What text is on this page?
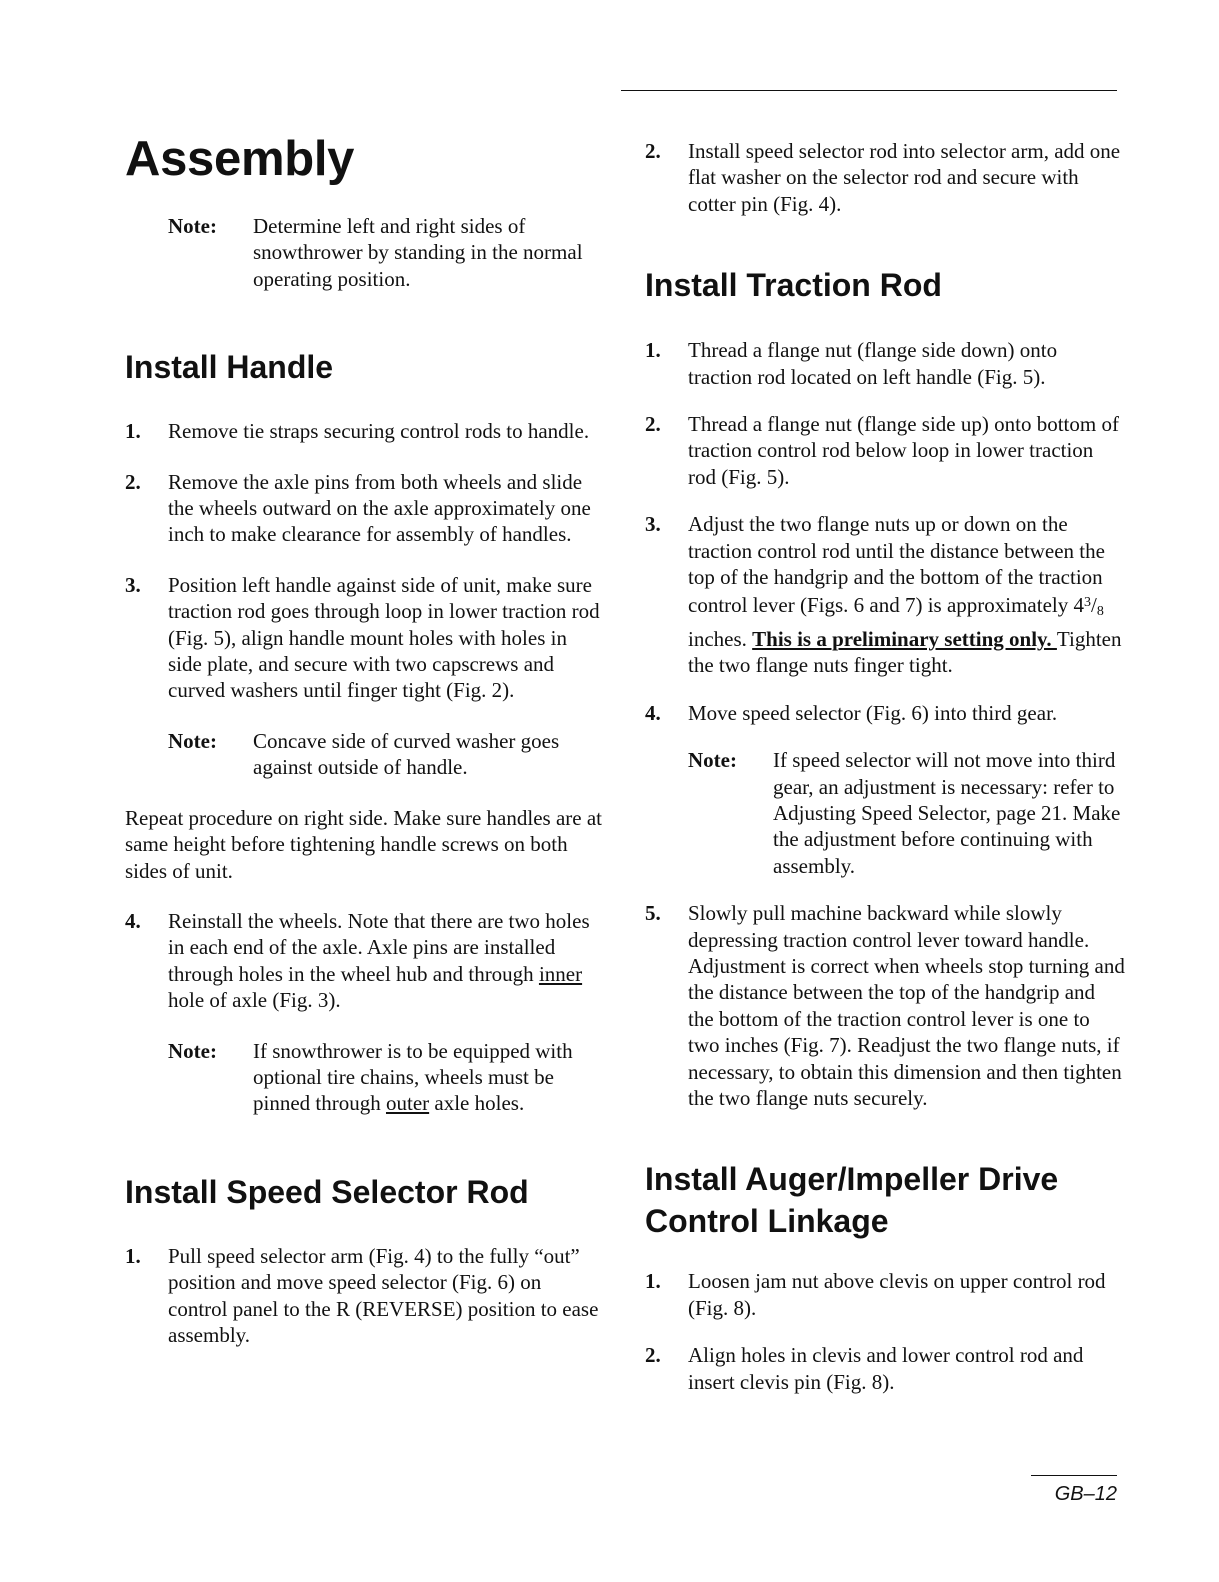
Assembly
Note:	Determine left and right sides of snowthrower by standing in the normal operating position.
Install Handle
1.	Remove tie straps securing control rods to handle.
2.	Remove the axle pins from both wheels and slide the wheels outward on the axle approximately one inch to make clearance for assembly of handles.
3.	Position left handle against side of unit, make sure traction rod goes through loop in lower traction rod (Fig. 5), align handle mount holes with holes in side plate, and secure with two capscrews and curved washers until finger tight (Fig. 2).
Note:	Concave side of curved washer goes against outside of handle.

Repeat procedure on right side. Make sure handles are at same height before tightening handle screws on both sides of unit.

4.	Reinstall the wheels. Note that there are two holes in each end of the axle. Axle pins are installed through holes in the wheel hub and through inner hole of axle (Fig. 3).
Note:	If snowthrower is to be equipped with optional tire chains, wheels must be pinned through outer axle holes.
Install Speed Selector Rod
1.	Pull speed selector arm (Fig. 4) to the fully “out” position and move speed selector (Fig. 6) on control panel to the R (REVERSE) position to ease assembly.
2.	Install speed selector rod into selector arm, add one flat washer on the selector rod and secure with cotter pin (Fig. 4).
Install Traction Rod
1.	Thread a flange nut (flange side down) onto traction rod located on left handle (Fig. 5).
2.	Thread a flange nut (flange side up) onto bottom of traction control rod below loop in lower traction rod (Fig. 5).
3.	Adjust the two flange nuts up or down on the traction control rod until the distance between the top of the handgrip and the bottom of the traction control lever (Figs. 6 and 7) is approximately $4^3/8$ inches. This is a preliminary setting only. Tighten the two flange nuts finger tight.
4.	Move speed selector (Fig. 6) into third gear.
Note:	If speed selector will not move into third gear, an adjustment is necessary: refer to Adjusting Speed Selector, page 21. Make the adjustment before continuing with assembly.
5.	Slowly pull machine backward while slowly depressing traction control lever toward handle. Adjustment is correct when wheels stop turning and the distance between the top of the handgrip and the bottom of the traction control lever is one to two inches (Fig. 7). Readjust the two flange nuts, if necessary, to obtain this dimension and then tighten the two flange nuts securely.
Install Auger/Impeller Drive
Control Linkage
1.	Loosen jam nut above clevis on upper control rod (Fig. 8).
2.	Align holes in clevis and lower control rod and insert clevis pin (Fig. 8).
GB–12
